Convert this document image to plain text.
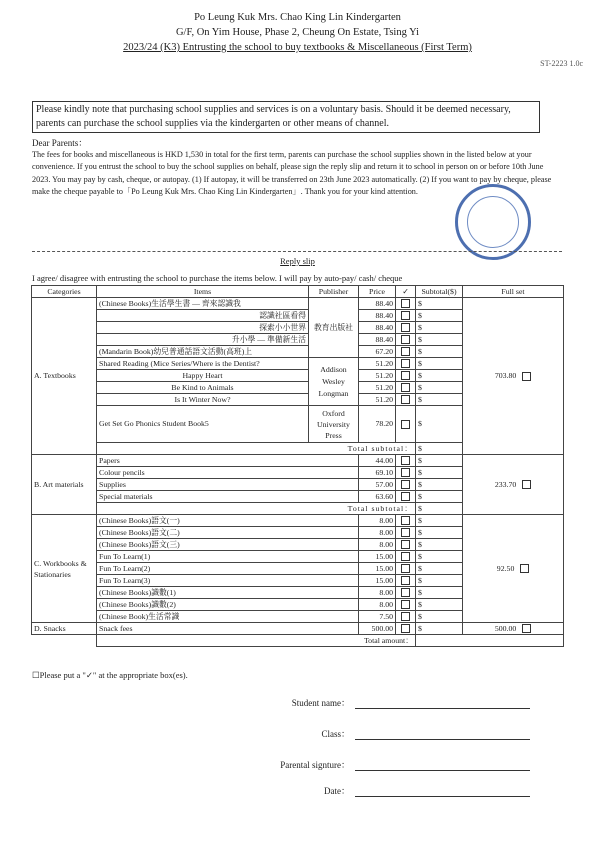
Po Leung Kuk Mrs. Chao King Lin Kindergarten
G/F, On Yim House, Phase 2, Cheung On Estate, Tsing Yi
2023/24 (K3) Entrusting the school to buy textbooks & Miscellaneous (First Term)
ST-2223 1.0c
Please kindly note that purchasing school supplies and services is on a voluntary basis. Should it be deemed necessary, parents can purchase the school supplies via the kindergarten or other means of channel.
Dear Parents：
The fees for books and miscellaneous is HKD 1,530 in total for the first term, parents can purchase the school supplies shown in the listed below at your convenience. If you entrust the school to buy the school supplies on behalf, please sign the reply slip and return it to school in person on or before 10th June 2023. You may pay by cash, cheque, or autopay. (1) If autopay, it will be transferred on 23th June 2023 automatically. (2) If you want to pay by cheque, please make the cheque payable to「Po Leung Kuk Mrs. Chao King Lin Kindergarten」. Thank you for your kind attention.
Reply slip
I agree/ disagree with entrusting the school to purchase the items below. I will pay by auto-pay/ cash/ cheque
Categories	Items	Publisher	Price	✓	Subtotal($)	Full set
A. Textbooks	(Chinese Books)生活學生書 — 齊來認識我	教育出版社	88.40		$	703.80
	認識社區看得		88.40		$	
	探索小小世界		88.40		$	
	升小學 — 準備新生活		88.40		$	
	(Mandarin Book)幼兒普通話語文活動(高班)上		67.20		$	
	Shared Reading (Mice Series/Where is the Dentist?	Addison Wesley Longman	51.20		$	
	Happy Heart		51.20		$	
	Be Kind to Animals		51.20		$	
	Is It Winter Now?		51.20		$	
	Get Set Go Phonics Student Book5	Oxford University Press	78.20		$	
	Total subtotal：				$	
B. Art materials	Papers		44.00		$	233.70
	Colour pencils		69.10		$	
	Supplies		57.00		$	
	Special materials		63.60		$	
	Total subtotal：				$	
C. Workbooks & Stationaries	(Chinese Books)語文(一)		8.00		$	92.50
	(Chinese Books)語文(二)		8.00		$	
	(Chinese Books)語文(三)		8.00		$	
	Fun To Learn(1)		15.00		$	
	Fun To Learn(2)		15.00		$	
	Fun To Learn(3)		15.00		$	
	(Chinese Books)識數(1)		8.00		$	
	(Chinese Books)識數(2)		8.00		$	
	(Chinese Book)生活常識		7.50		$	
D. Snacks	Snack fees		500.00		$	500.00
	Total amount：					
☐Please put a "✓" at the appropriate box(es).
Student name：
Class：
Parental signture：
Date：
